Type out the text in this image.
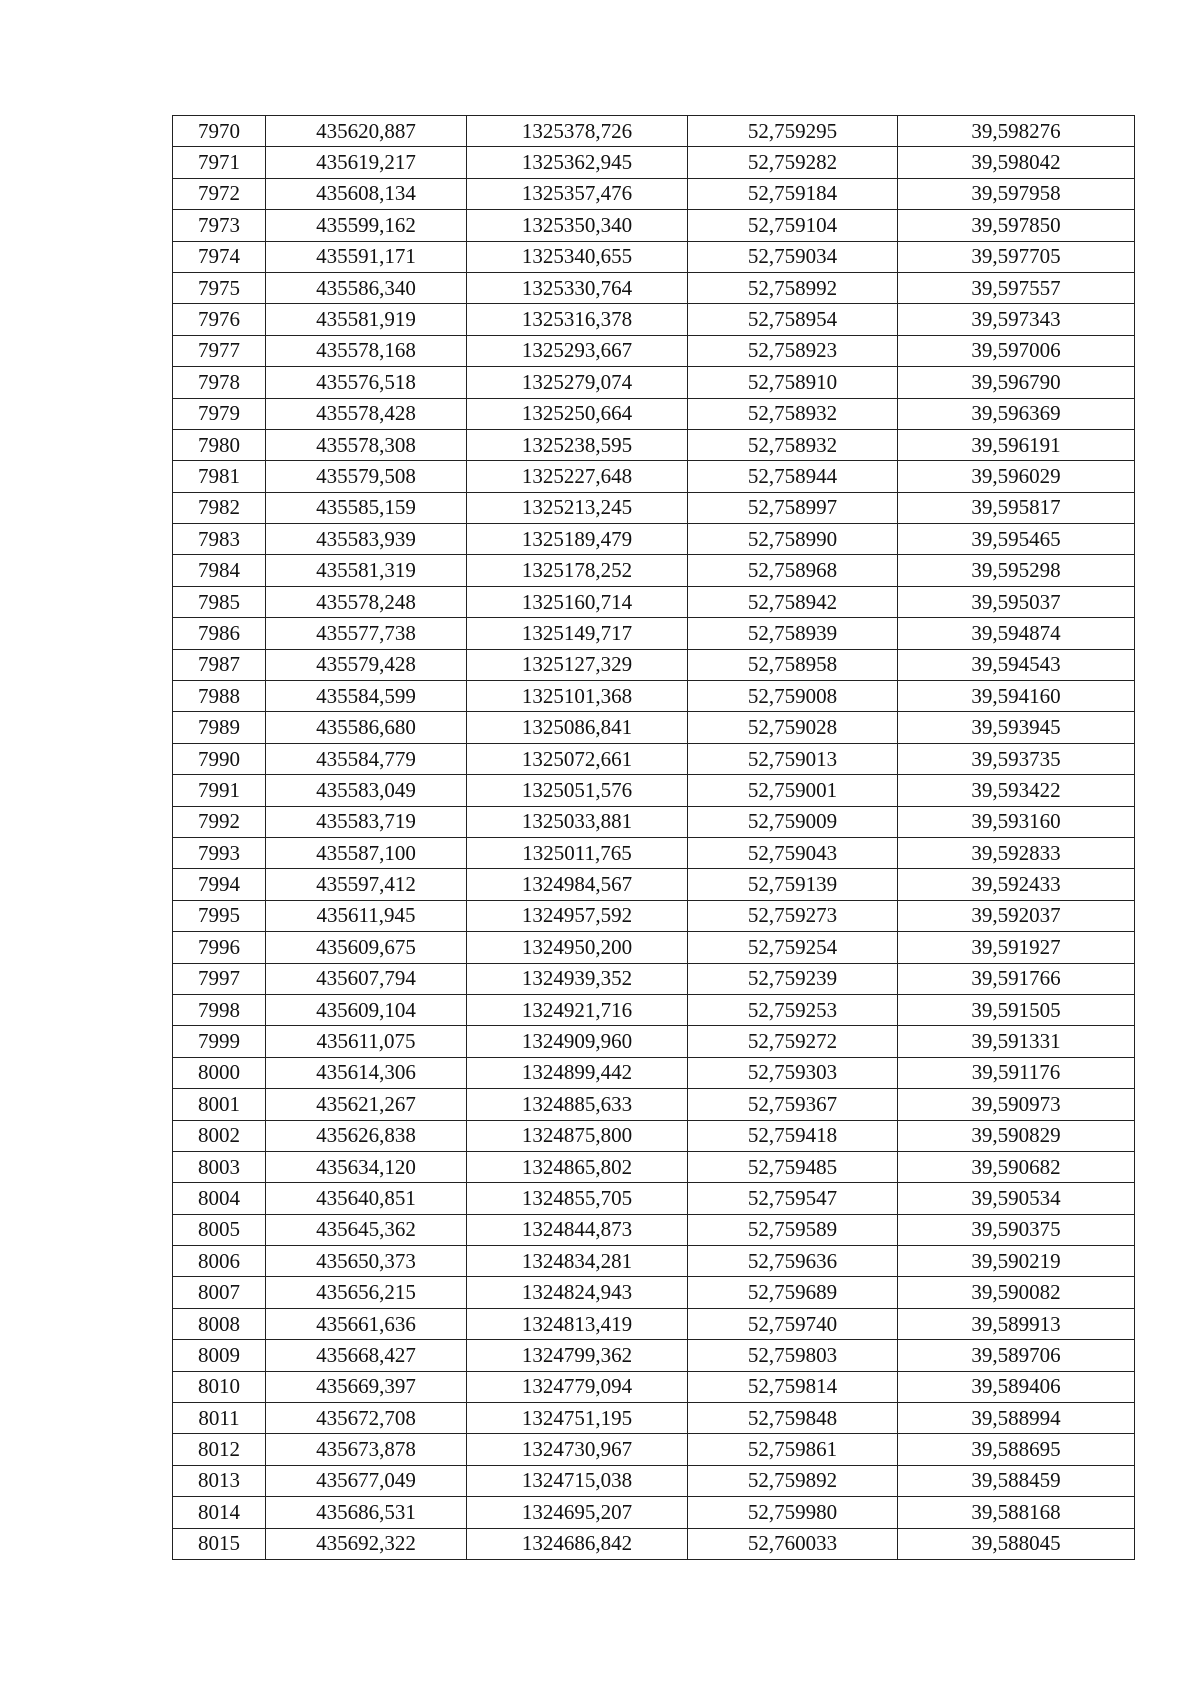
7970	435620,887	1325378,726	52,759295	39,598276
7971	435619,217	1325362,945	52,759282	39,598042
7972	435608,134	1325357,476	52,759184	39,597958
7973	435599,162	1325350,340	52,759104	39,597850
7974	435591,171	1325340,655	52,759034	39,597705
7975	435586,340	1325330,764	52,758992	39,597557
7976	435581,919	1325316,378	52,758954	39,597343
7977	435578,168	1325293,667	52,758923	39,597006
7978	435576,518	1325279,074	52,758910	39,596790
7979	435578,428	1325250,664	52,758932	39,596369
7980	435578,308	1325238,595	52,758932	39,596191
7981	435579,508	1325227,648	52,758944	39,596029
7982	435585,159	1325213,245	52,758997	39,595817
7983	435583,939	1325189,479	52,758990	39,595465
7984	435581,319	1325178,252	52,758968	39,595298
7985	435578,248	1325160,714	52,758942	39,595037
7986	435577,738	1325149,717	52,758939	39,594874
7987	435579,428	1325127,329	52,758958	39,594543
7988	435584,599	1325101,368	52,759008	39,594160
7989	435586,680	1325086,841	52,759028	39,593945
7990	435584,779	1325072,661	52,759013	39,593735
7991	435583,049	1325051,576	52,759001	39,593422
7992	435583,719	1325033,881	52,759009	39,593160
7993	435587,100	1325011,765	52,759043	39,592833
7994	435597,412	1324984,567	52,759139	39,592433
7995	435611,945	1324957,592	52,759273	39,592037
7996	435609,675	1324950,200	52,759254	39,591927
7997	435607,794	1324939,352	52,759239	39,591766
7998	435609,104	1324921,716	52,759253	39,591505
7999	435611,075	1324909,960	52,759272	39,591331
8000	435614,306	1324899,442	52,759303	39,591176
8001	435621,267	1324885,633	52,759367	39,590973
8002	435626,838	1324875,800	52,759418	39,590829
8003	435634,120	1324865,802	52,759485	39,590682
8004	435640,851	1324855,705	52,759547	39,590534
8005	435645,362	1324844,873	52,759589	39,590375
8006	435650,373	1324834,281	52,759636	39,590219
8007	435656,215	1324824,943	52,759689	39,590082
8008	435661,636	1324813,419	52,759740	39,589913
8009	435668,427	1324799,362	52,759803	39,589706
8010	435669,397	1324779,094	52,759814	39,589406
8011	435672,708	1324751,195	52,759848	39,588994
8012	435673,878	1324730,967	52,759861	39,588695
8013	435677,049	1324715,038	52,759892	39,588459
8014	435686,531	1324695,207	52,759980	39,588168
8015	435692,322	1324686,842	52,760033	39,588045
